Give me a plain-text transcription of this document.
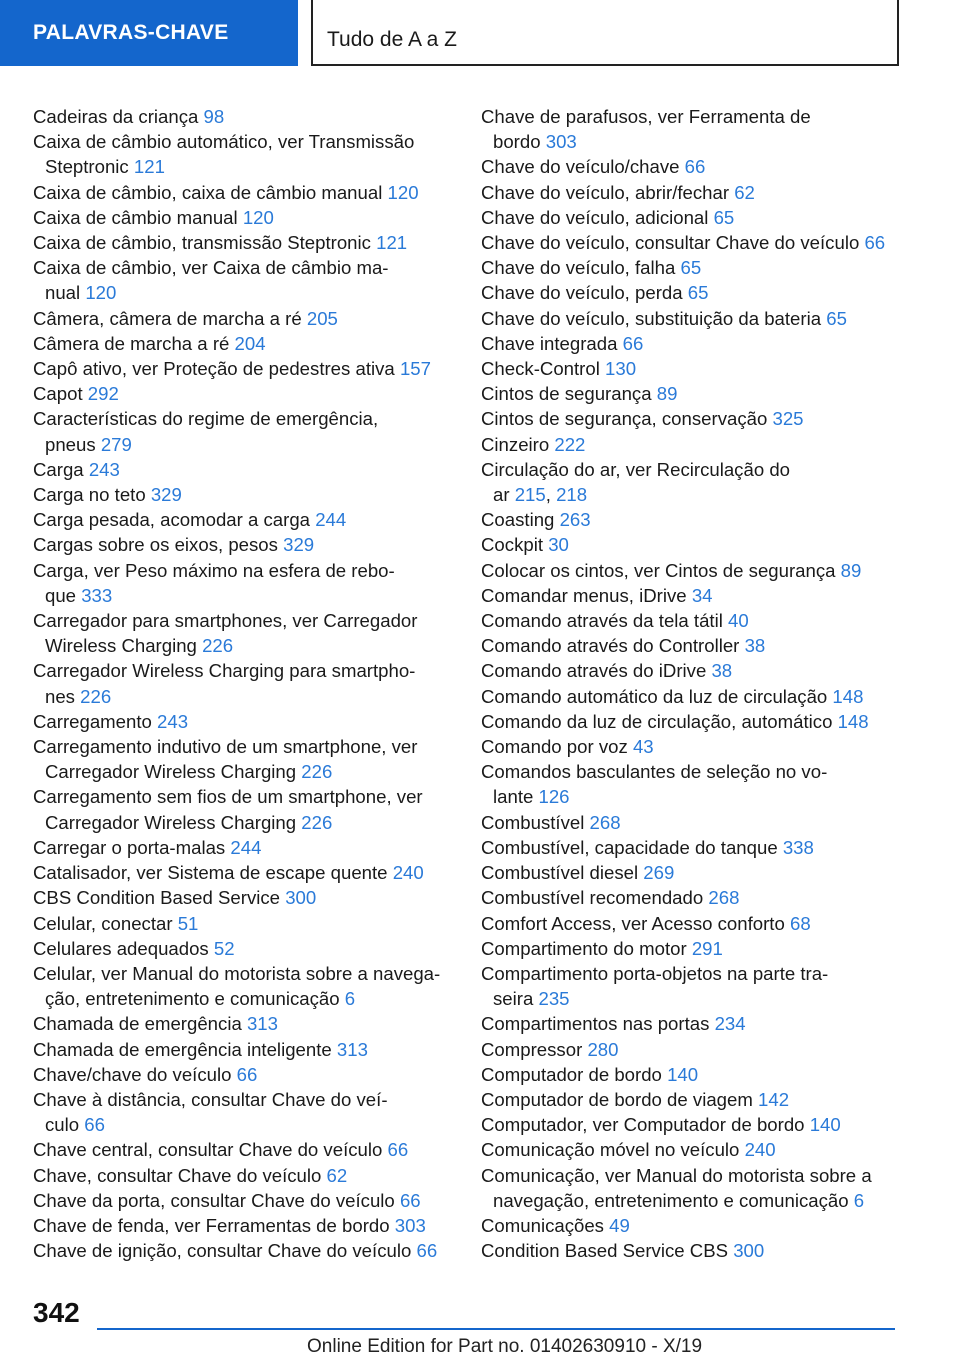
PALAVRAS-CHAVE	Tudo de A a Z
Cadeiras da criança 98
Caixa de câmbio automático, ver Transmissão
Steptronic 121
Caixa de câmbio, caixa de câmbio manual 120
Caixa de câmbio manual 120
Caixa de câmbio, transmissão Steptronic 121
Caixa de câmbio, ver Caixa de câmbio ma-
nual 120
Câmera, câmera de marcha a ré 205
Câmera de marcha a ré 204
Capô ativo, ver Proteção de pedestres ativa 157
Capot 292
Características do regime de emergência,
pneus 279
Carga 243
Carga no teto 329
Carga pesada, acomodar a carga 244
Cargas sobre os eixos, pesos 329
Carga, ver Peso máximo na esfera de rebo-
que 333
Carregador para smartphones, ver Carregador
Wireless Charging 226
Carregador Wireless Charging para smartpho-
nes 226
Carregamento 243
Carregamento indutivo de um smartphone, ver
Carregador Wireless Charging 226
Carregamento sem fios de um smartphone, ver
Carregador Wireless Charging 226
Carregar o porta-malas 244
Catalisador, ver Sistema de escape quente 240
CBS Condition Based Service 300
Celular, conectar 51
Celulares adequados 52
Celular, ver Manual do motorista sobre a navega-
ção, entretenimento e comunicação 6
Chamada de emergência 313
Chamada de emergência inteligente 313
Chave/chave do veículo 66
Chave à distância, consultar Chave do veí-
culo 66
Chave central, consultar Chave do veículo 66
Chave, consultar Chave do veículo 62
Chave da porta, consultar Chave do veículo 66
Chave de fenda, ver Ferramentas de bordo 303
Chave de ignição, consultar Chave do veículo 66
Chave de parafusos, ver Ferramenta de
bordo 303
Chave do veículo/chave 66
Chave do veículo, abrir/fechar 62
Chave do veículo, adicional 65
Chave do veículo, consultar Chave do veículo 66
Chave do veículo, falha 65
Chave do veículo, perda 65
Chave do veículo, substituição da bateria 65
Chave integrada 66
Check-Control 130
Cintos de segurança 89
Cintos de segurança, conservação 325
Cinzeiro 222
Circulação do ar, ver Recirculação do
ar 215, 218
Coasting 263
Cockpit 30
Colocar os cintos, ver Cintos de segurança 89
Comandar menus, iDrive 34
Comando através da tela tátil 40
Comando através do Controller 38
Comando através do iDrive 38
Comando automático da luz de circulação 148
Comando da luz de circulação, automático 148
Comando por voz 43
Comandos basculantes de seleção no vo-
lante 126
Combustível 268
Combustível, capacidade do tanque 338
Combustível diesel 269
Combustível recomendado 268
Comfort Access, ver Acesso conforto 68
Compartimento do motor 291
Compartimento porta-objetos na parte tra-
seira 235
Compartimentos nas portas 234
Compressor 280
Computador de bordo 140
Computador de bordo de viagem 142
Computador, ver Computador de bordo 140
Comunicação móvel no veículo 240
Comunicação, ver Manual do motorista sobre a
navegação, entretenimento e comunicação 6
Comunicações 49
Condition Based Service CBS 300
342
Online Edition for Part no. 01402630910 - X/19
